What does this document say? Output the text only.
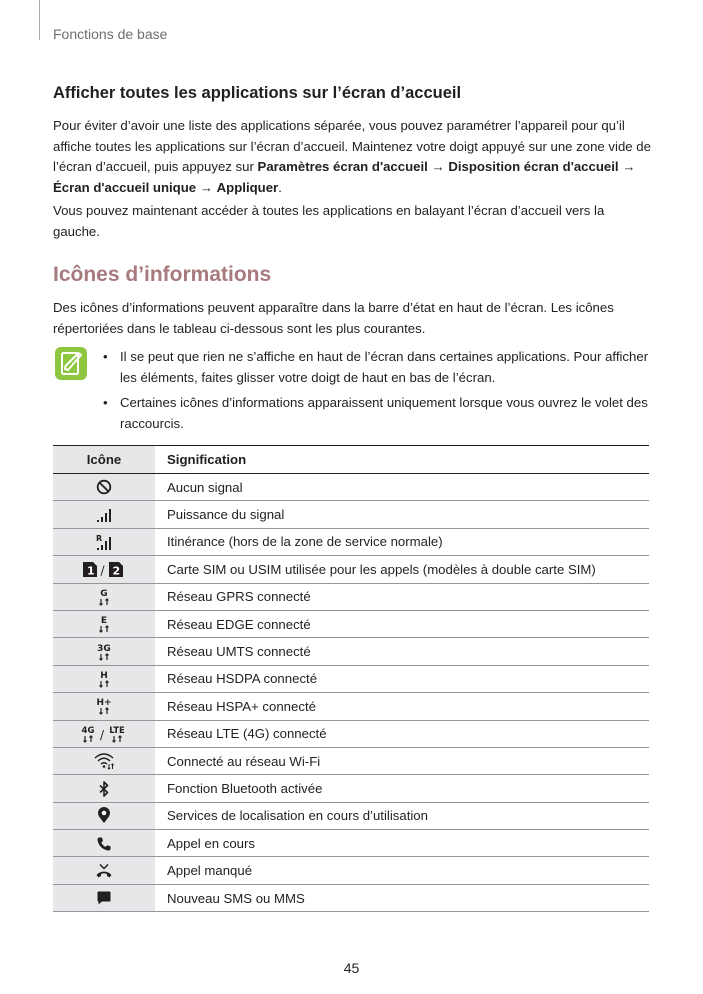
Fonctions de base
Afficher toutes les applications sur l’écran d’accueil
Pour éviter d’avoir une liste des applications séparée, vous pouvez paramétrer l’appareil pour qu’il affiche toutes les applications sur l’écran d’accueil. Maintenez votre doigt appuyé sur une zone vide de l’écran d’accueil, puis appuyez sur Paramètres écran d'accueil → Disposition écran d'accueil → Écran d'accueil unique → Appliquer.
Vous pouvez maintenant accéder à toutes les applications en balayant l’écran d’accueil vers la gauche.
Icônes d’informations
Des icônes d’informations peuvent apparaître dans la barre d’état en haut de l’écran. Les icônes répertoriées dans le tableau ci-dessous sont les plus courantes.
• Il se peut que rien ne s’affiche en haut de l’écran dans certaines applications. Pour afficher les éléments, faites glisser votre doigt de haut en bas de l’écran.
• Certaines icônes d’informations apparaissent uniquement lorsque vous ouvrez le volet des raccourcis.
Icône	Signification
	Aucun signal
	Puissance du signal

R	Itinérance (hors de la zone de service normale)

1 / 2	Carte SIM ou USIM utilisée pour les appels (modèles à double carte SIM)

G	Réseau GPRS connecté

E	Réseau EDGE connecté

3G	Réseau UMTS connecté

H	Réseau HSDPA connecté

H+	Réseau HSPA+ connecté

4G / LTE	Réseau LTE (4G) connecté
	Connecté au réseau Wi-Fi
	Fonction Bluetooth activée
	Services de localisation en cours d’utilisation
	Appel en cours
	Appel manqué
	Nouveau SMS ou MMS
45
